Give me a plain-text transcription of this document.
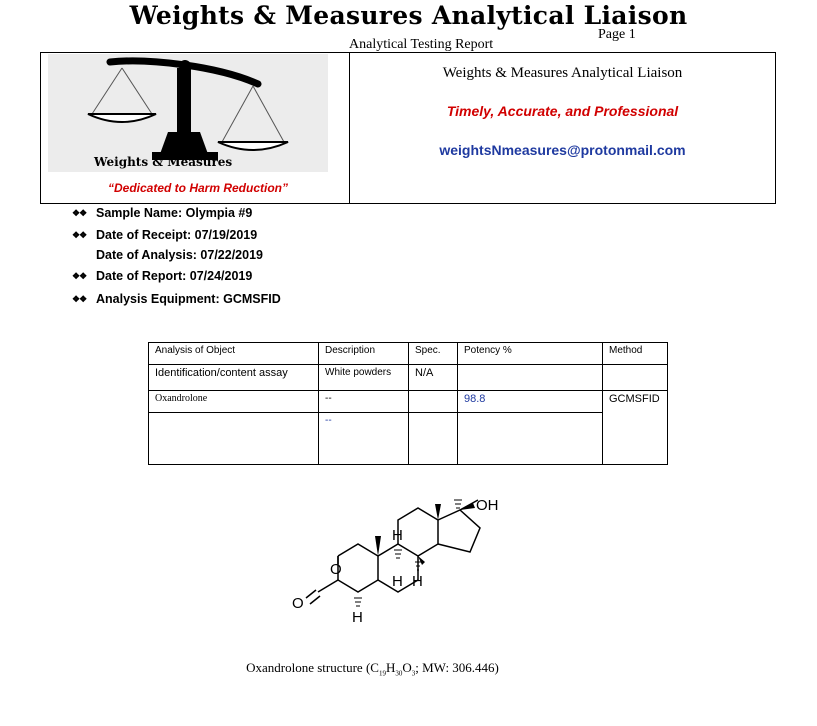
Weights & Measures Analytical Liaison
Page 1
Analytical Testing Report
Weights & Measures
“Dedicated to Harm Reduction”
Weights & Measures Analytical Liaison
Timely, Accurate, and Professional
weightsNmeasures@protonmail.com
❖❖ Sample Name: Olympia #9
❖❖ Date of Receipt: 07/19/2019
Date of Analysis: 07/22/2019
❖❖ Date of Report: 07/24/2019
❖❖ Analysis Equipment: GCMSFID
Analysis of Object	Description	Spec.	Potency %	Method
Identification/content assay	White powders	N/A		
Oxandrolone	--		98.8	GCMSFID
	--			
O
O
OH
H
H H
H
Oxandrolone structure ($C_{19}H_{30}O_3$; MW: 306.446)
